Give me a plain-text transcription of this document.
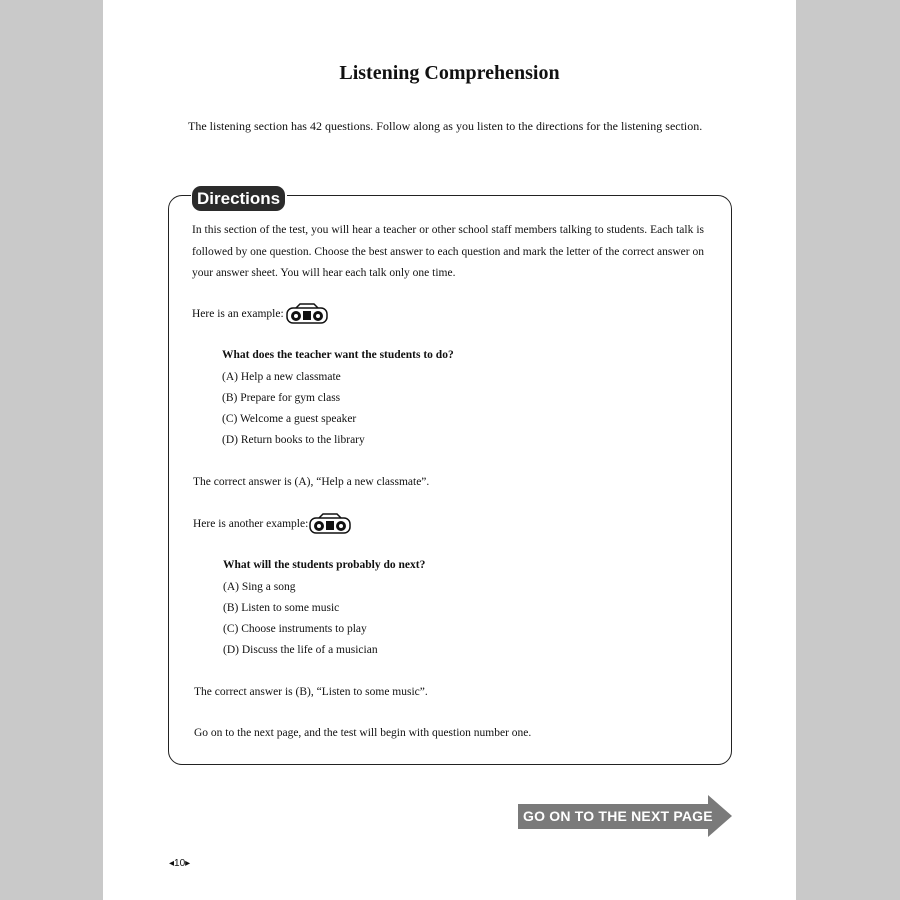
Listening Comprehension
The listening section has 42 questions. Follow along as you listen to the directions for the listening section.
Directions
In this section of the test, you will hear a teacher or other school staff members talking to students. Each talk is followed by one question. Choose the best answer to each question and mark the letter of the correct answer on your answer sheet. You will hear each talk only one time.
Here is an example:
What does the teacher want the students to do?
(A) Help a new classmate
(B) Prepare for gym class
(C) Welcome a guest speaker
(D) Return books to the library
The correct answer is (A), “Help a new classmate”.
Here is another example:
What will the students probably do next?
(A) Sing a song
(B) Listen to some music
(C) Choose instruments to play
(D) Discuss the life of a musician
The correct answer is (B), “Listen to some music”.
Go on to the next page, and the test will begin with question number one.
GO ON TO THE NEXT PAGE
◂10▸
